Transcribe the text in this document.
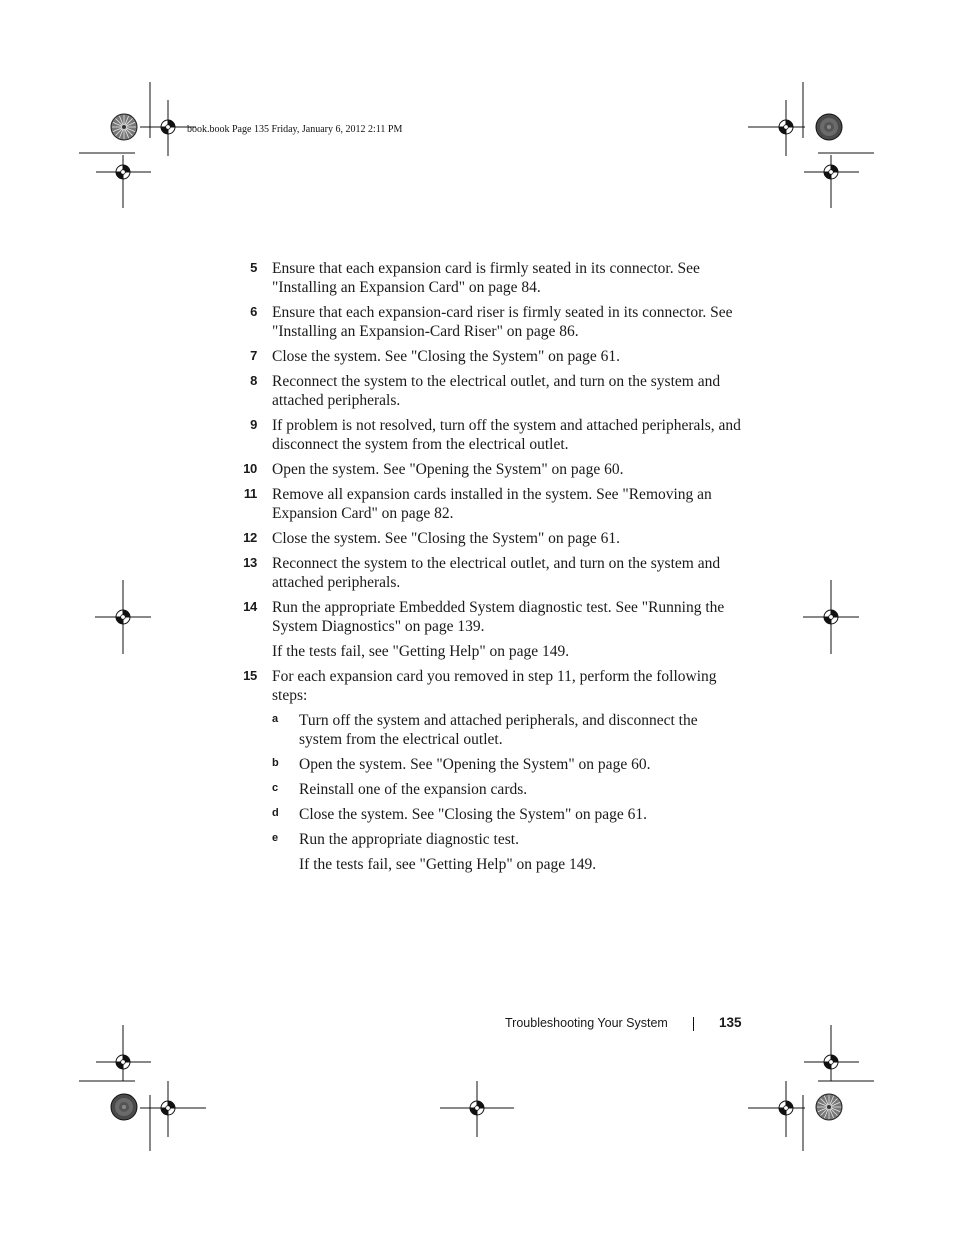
book.book Page 135 Friday, January 6, 2012 2:11 PM
5 Ensure that each expansion card is firmly seated in its connector. See "Installing an Expansion Card" on page 84.
6 Ensure that each expansion-card riser is firmly seated in its connector. See "Installing an Expansion-Card Riser" on page 86.
7 Close the system. See "Closing the System" on page 61.
8 Reconnect the system to the electrical outlet, and turn on the system and attached peripherals.
9 If problem is not resolved, turn off the system and attached peripherals, and disconnect the system from the electrical outlet.
10 Open the system. See "Opening the System" on page 60.
11 Remove all expansion cards installed in the system. See "Removing an Expansion Card" on page 82.
12 Close the system. See "Closing the System" on page 61.
13 Reconnect the system to the electrical outlet, and turn on the system and attached peripherals.
14 Run the appropriate Embedded System diagnostic test. See "Running the System Diagnostics" on page 139.
If the tests fail, see "Getting Help" on page 149.
15 For each expansion card you removed in step 11, perform the following steps:
a Turn off the system and attached peripherals, and disconnect the system from the electrical outlet.
b Open the system. See "Opening the System" on page 60.
c Reinstall one of the expansion cards.
d Close the system. See "Closing the System" on page 61.
e Run the appropriate diagnostic test.
If the tests fail, see "Getting Help" on page 149.
Troubleshooting Your System	135
